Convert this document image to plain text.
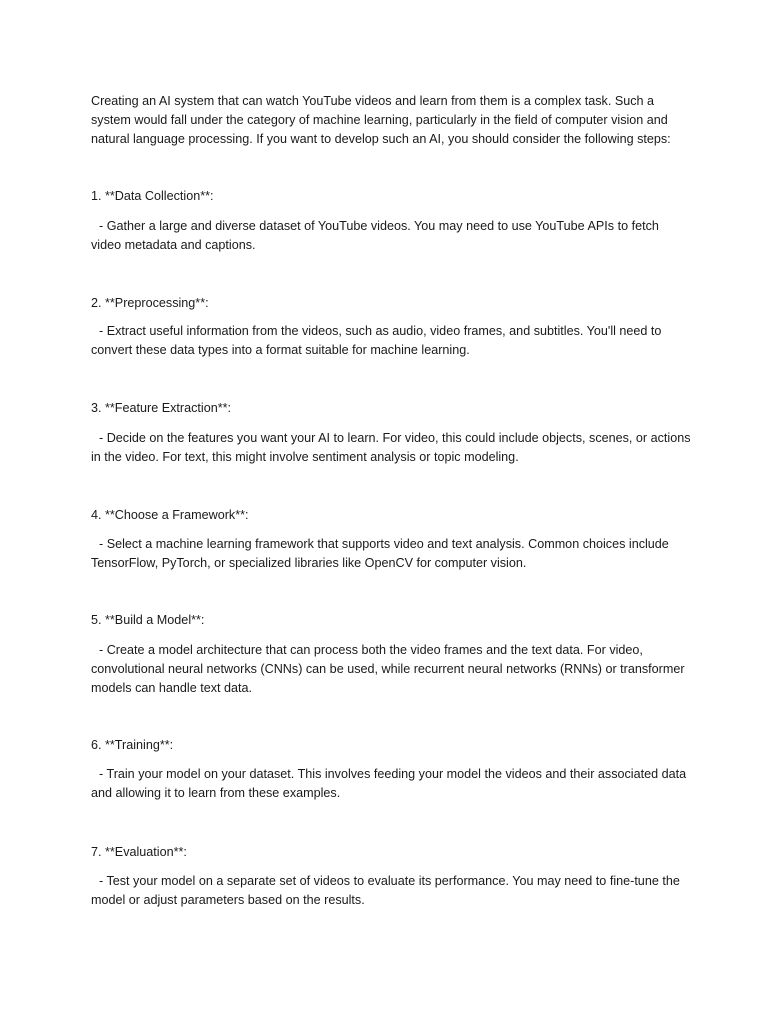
Creating an AI system that can watch YouTube videos and learn from them is a complex task. Such a system would fall under the category of machine learning, particularly in the field of computer vision and natural language processing. If you want to develop such an AI, you should consider the following steps:

1. **Data Collection**:

- Gather a large and diverse dataset of YouTube videos. You may need to use YouTube APIs to fetch video metadata and captions.

2. **Preprocessing**:

- Extract useful information from the videos, such as audio, video frames, and subtitles. You'll need to convert these data types into a format suitable for machine learning.

3. **Feature Extraction**:

- Decide on the features you want your AI to learn. For video, this could include objects, scenes, or actions in the video. For text, this might involve sentiment analysis or topic modeling.

4. **Choose a Framework**:

- Select a machine learning framework that supports video and text analysis. Common choices include TensorFlow, PyTorch, or specialized libraries like OpenCV for computer vision.

5. **Build a Model**:

- Create a model architecture that can process both the video frames and the text data. For video, convolutional neural networks (CNNs) can be used, while recurrent neural networks (RNNs) or transformer models can handle text data.

6. **Training**:

- Train your model on your dataset. This involves feeding your model the videos and their associated data and allowing it to learn from these examples.

7. **Evaluation**:

- Test your model on a separate set of videos to evaluate its performance. You may need to fine-tune the model or adjust parameters based on the results.
